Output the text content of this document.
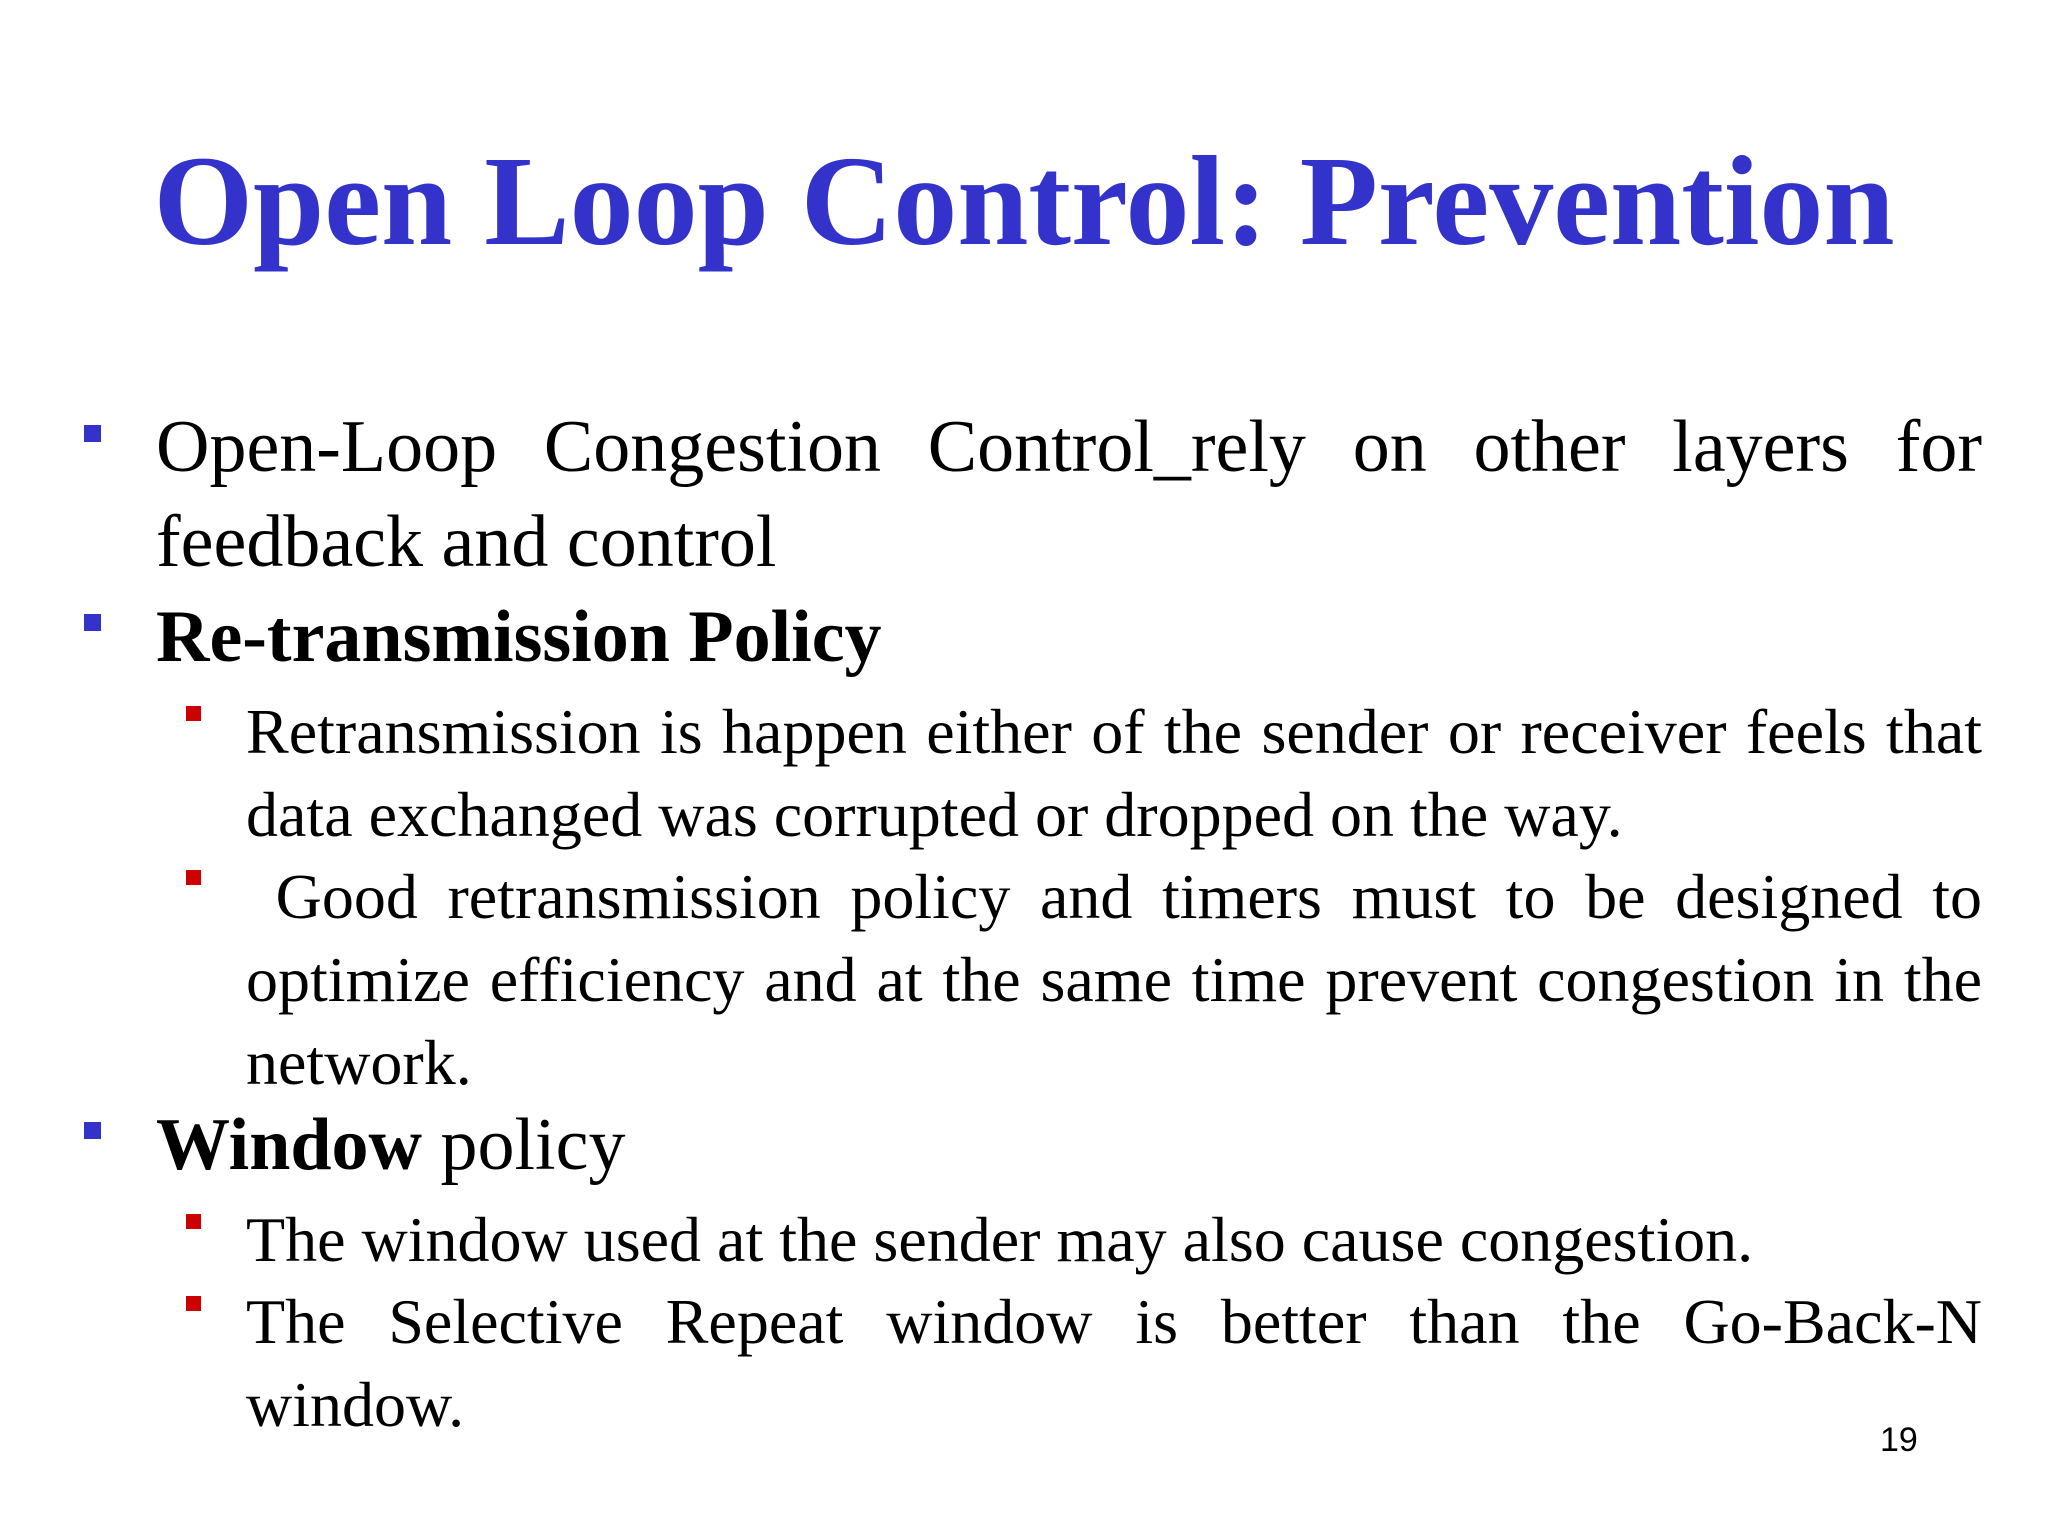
Open Loop Control: Prevention
Open-Loop Congestion Control_rely on other layers for feedback and control
Re-transmission Policy
Retransmission is happen either of the sender or receiver feels that data exchanged was corrupted or dropped on the way.
Good retransmission policy and timers must to be designed to optimize efficiency and at the same time prevent congestion in the network.
Window policy
The window used at the sender may also cause congestion.
The Selective Repeat window is better than the Go-Back-N window.	19
